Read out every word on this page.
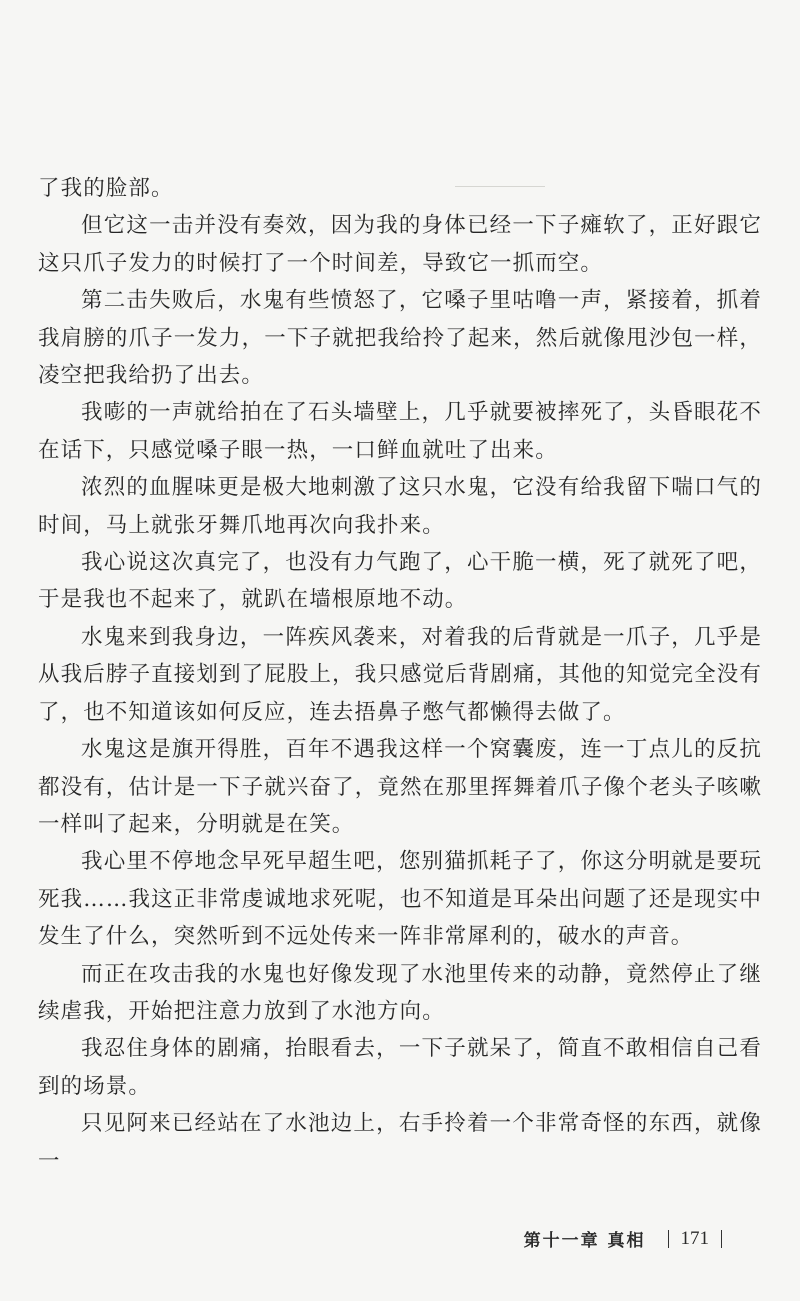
了我的脸部。

但它这一击并没有奏效，因为我的身体已经一下子瘫软了，正好跟它这只爪子发力的时候打了一个时间差，导致它一抓而空。

第二击失败后，水鬼有些愤怒了，它嗓子里咕噜一声，紧接着，抓着我肩膀的爪子一发力，一下子就把我给拎了起来，然后就像甩沙包一样，凌空把我给扔了出去。

我嘭的一声就给拍在了石头墙壁上，几乎就要被摔死了，头昏眼花不在话下，只感觉嗓子眼一热，一口鲜血就吐了出来。

浓烈的血腥味更是极大地刺激了这只水鬼，它没有给我留下喘口气的时间，马上就张牙舞爪地再次向我扑来。

我心说这次真完了，也没有力气跑了，心干脆一横，死了就死了吧，于是我也不起来了，就趴在墙根原地不动。

水鬼来到我身边，一阵疾风袭来，对着我的后背就是一爪子，几乎是从我后脖子直接划到了屁股上，我只感觉后背剧痛，其他的知觉完全没有了，也不知道该如何反应，连去捂鼻子憋气都懒得去做了。

水鬼这是旗开得胜，百年不遇我这样一个窝囊废，连一丁点儿的反抗都没有，估计是一下子就兴奋了，竟然在那里挥舞着爪子像个老头子咳嗽一样叫了起来，分明就是在笑。

我心里不停地念早死早超生吧，您别猫抓耗子了，你这分明就是要玩死我……我这正非常虔诚地求死呢，也不知道是耳朵出问题了还是现实中发生了什么，突然听到不远处传来一阵非常犀利的，破水的声音。

而正在攻击我的水鬼也好像发现了水池里传来的动静，竟然停止了继续虐我，开始把注意力放到了水池方向。

我忍住身体的剧痛，抬眼看去，一下子就呆了，简直不敢相信自己看到的场景。

只见阿来已经站在了水池边上，右手拎着一个非常奇怪的东西，就像一

第十一章 真相 171
